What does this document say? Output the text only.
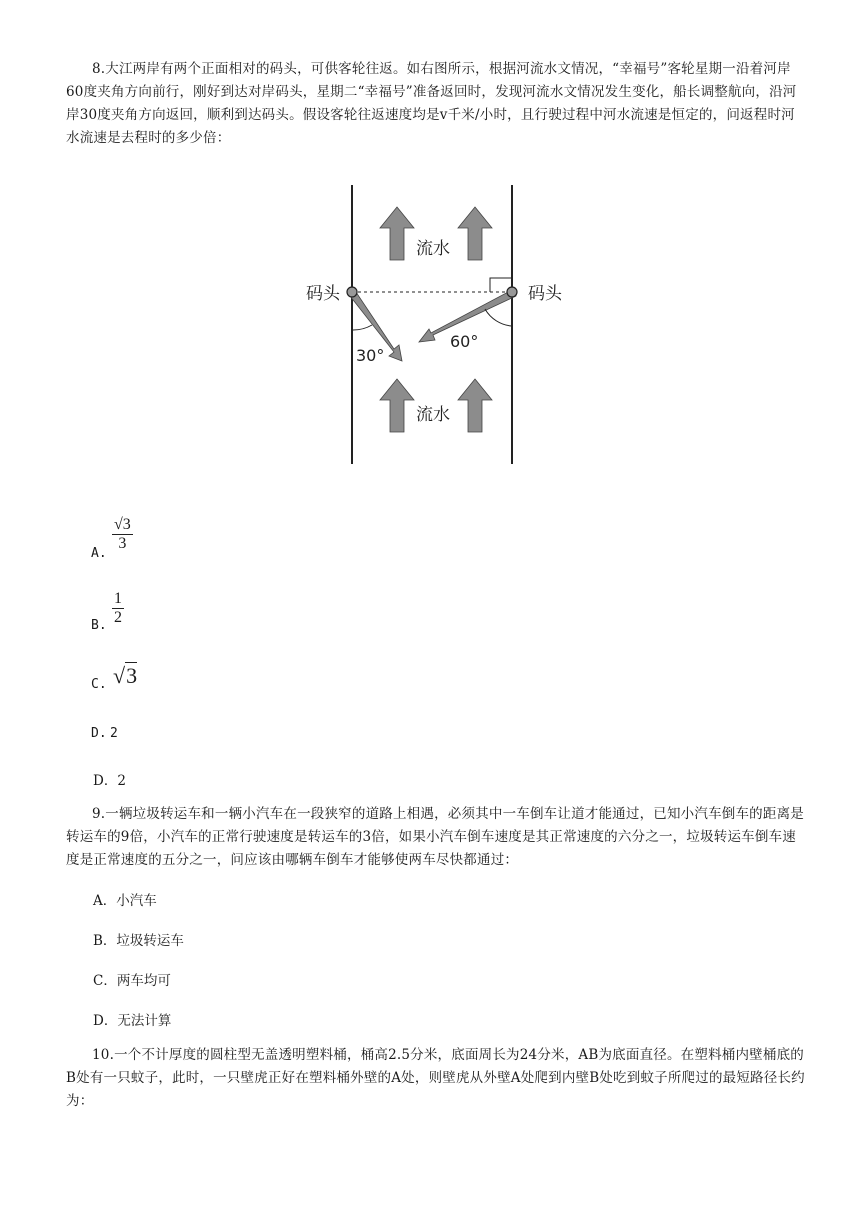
8.大江两岸有两个正面相对的码头，可供客轮往返。如右图所示，根据河流水文情况，“幸福号”客轮星期一沿着河岸60度夹角方向前行，刚好到达对岸码头，星期二“幸福号”准备返回时，发现河流水文情况发生变化，船长调整航向，沿河岸30度夹角方向返回，顺利到达码头。假设客轮往返速度均是v千米/小时，且行驶过程中河水流速是恒定的，问返程时河水流速是去程时的多少倍：

流水
流水
码头	码头
30°
60°
A.
$\frac{√3}{3}$
B. $\frac{1}{2}$
C. √3
D. 2
D．2

9.一辆垃圾转运车和一辆小汽车在一段狭窄的道路上相遇，必须其中一车倒车让道才能通过，已知小汽车倒车的距离是转运车的9倍，小汽车的正常行驶速度是转运车的3倍，如果小汽车倒车速度是其正常速度的六分之一，垃圾转运车倒车速度是正常速度的五分之一，问应该由哪辆车倒车才能够使两车尽快都通过：

A．小汽车
B．垃圾转运车
C．两车均可
D．无法计算

10.一个不计厚度的圆柱型无盖透明塑料桶，桶高2.5分米，底面周长为24分米，AB为底面直径。在塑料桶内壁桶底的B处有一只蚊子，此时，一只壁虎正好在塑料桶外壁的A处，则壁虎从外壁A处爬到内壁B处吃到蚊子所爬过的最短路径长约为：
